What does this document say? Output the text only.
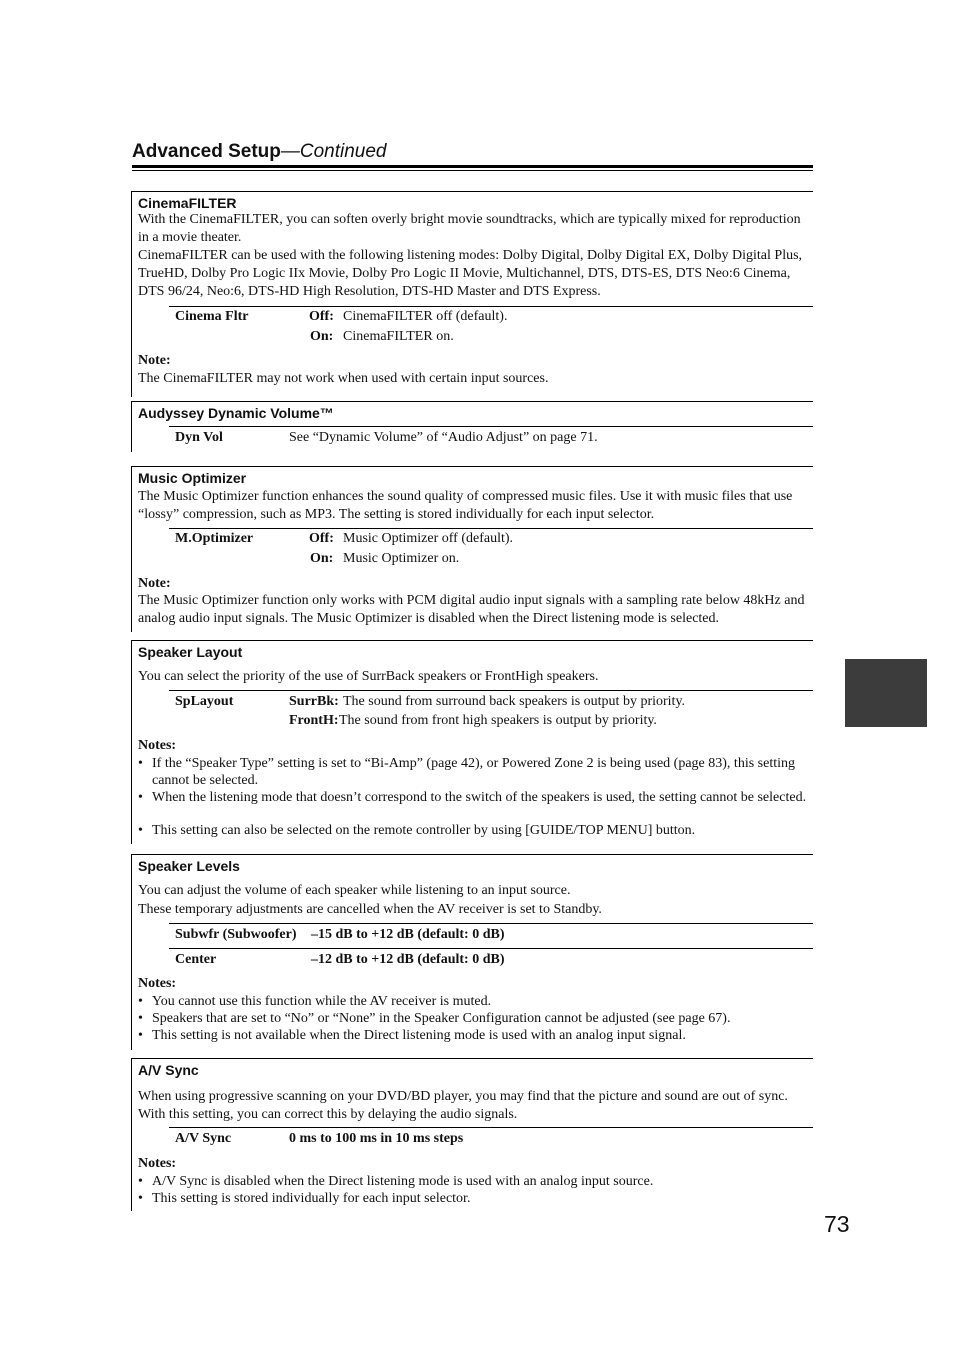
Advanced Setup—Continued
CinemaFILTER
With the CinemaFILTER, you can soften overly bright movie soundtracks, which are typically mixed for reproduction in a movie theater.
CinemaFILTER can be used with the following listening modes: Dolby Digital, Dolby Digital EX, Dolby Digital Plus, TrueHD, Dolby Pro Logic IIx Movie, Dolby Pro Logic II Movie, Multichannel, DTS, DTS-ES, DTS Neo:6 Cinema, DTS 96/24, Neo:6, DTS-HD High Resolution, DTS-HD Master and DTS Express.
Cinema Fltr	Off: CinemaFILTER off (default).
On: CinemaFILTER on.
Note:
The CinemaFILTER may not work when used with certain input sources.
Audyssey Dynamic Volume™
Dyn Vol	See “Dynamic Volume” of “Audio Adjust” on page 71.
Music Optimizer
The Music Optimizer function enhances the sound quality of compressed music files. Use it with music files that use “lossy” compression, such as MP3. The setting is stored individually for each input selector.
M.Optimizer	Off: Music Optimizer off (default).
On: Music Optimizer on.
Note:
The Music Optimizer function only works with PCM digital audio input signals with a sampling rate below 48kHz and analog audio input signals. The Music Optimizer is disabled when the Direct listening mode is selected.
Speaker Layout
You can select the priority of the use of SurrBack speakers or FrontHigh speakers.
SpLayout	SurrBk: The sound from surround back speakers is output by priority.
FrontH: The sound from front high speakers is output by priority.
Notes:
• If the “Speaker Type” setting is set to “Bi-Amp” (page 42), or Powered Zone 2 is being used (page 83), this setting cannot be selected.
• When the listening mode that doesn’t correspond to the switch of the speakers is used, the setting cannot be selected.
• This setting can also be selected on the remote controller by using [GUIDE/TOP MENU] button.
Speaker Levels
You can adjust the volume of each speaker while listening to an input source.
These temporary adjustments are cancelled when the AV receiver is set to Standby.
Subwfr (Subwoofer) –15 dB to +12 dB (default: 0 dB)
Center	–12 dB to +12 dB (default: 0 dB)
Notes:
• You cannot use this function while the AV receiver is muted.
• Speakers that are set to “No” or “None” in the Speaker Configuration cannot be adjusted (see page 67).
• This setting is not available when the Direct listening mode is used with an analog input signal.
A/V Sync
When using progressive scanning on your DVD/BD player, you may find that the picture and sound are out of sync. With this setting, you can correct this by delaying the audio signals.
A/V Sync	0 ms to 100 ms in 10 ms steps
Notes:
• A/V Sync is disabled when the Direct listening mode is used with an analog input source.
• This setting is stored individually for each input selector.
73
